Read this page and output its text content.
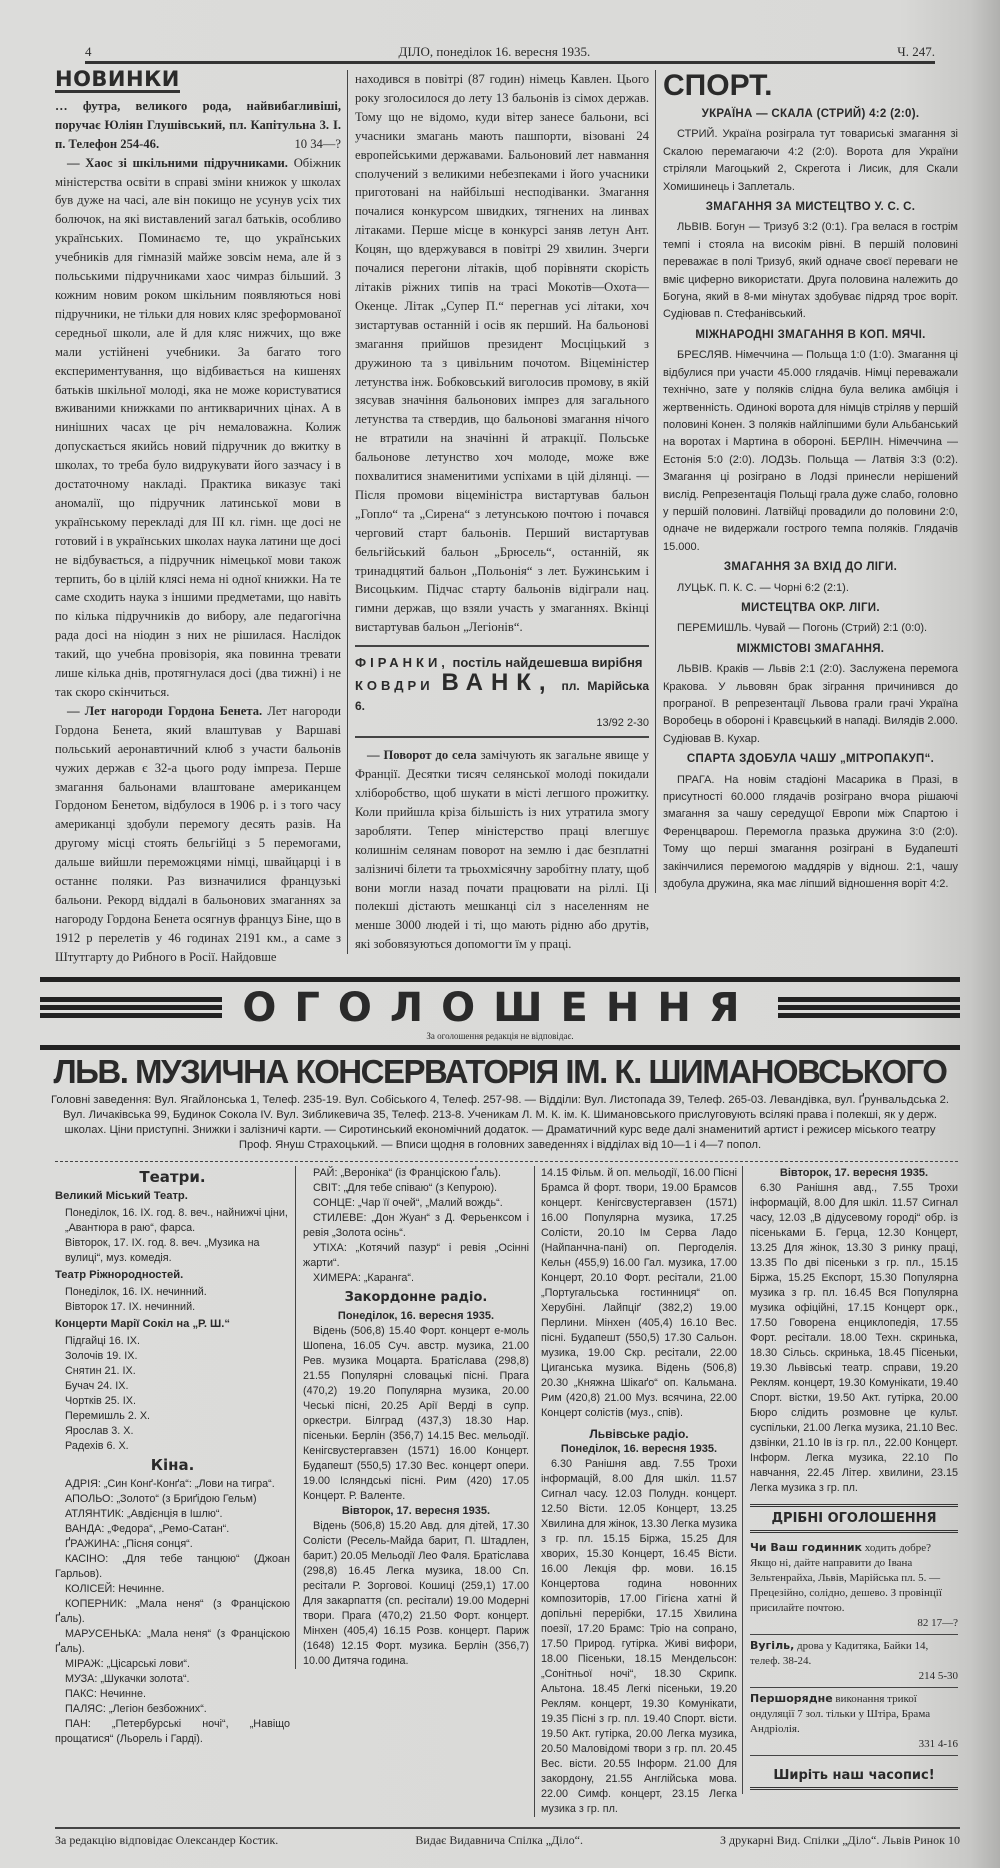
4	ДІЛО, понеділок 16. вересня 1935.	Ч. 247.
НОВИНКИ
… футра, великого рода, найвибагливіші, поручає Юліян Глушівський, пл. Капітульна 3. І. п. Телефон 254-46.	10 34—?

— Хаос зі шкільними підручниками. Обіжник міністерства освіти в справі зміни книжок у школах був дуже на часі, але він покищо не усунув усіх тих болючок, на які виставлений загал батьків, особливо українських. Поминаємо те, що українських учебників для гімназій майже зовсім нема, але й з польськими підручниками хаос чимраз більший. З кожним новим роком шкільним появляються нові підручники, не тільки для нових кляс зреформованої середньої школи, але й для кляс нижчих, що вже мали устійнені учебники. За багато того експериментування, що відбивається на кишенях батьків шкільної молоді, яка не може користуватися вживаними книжками по антикваричних цінах. А в нинішних часах це річ немаловажна. Колиж допускається якийсь новий підручник до вжитку в школах, то треба було видрукувати його зазчасу і в достаточному накладі. Практика виказує такі аномалії, що підручник латинської мови в українському перекладі для ІІІ кл. гімн. ще досі не готовий і в українських школах наука латини ще досі не відбувається, а підручник німецької мови також терпить, бо в цілій клясі нема ні одної книжки. На те саме сходить наука з іншими предметами, що навіть по кілька підручників до вибору, але педагогічна рада досі на ніодин з них не рішилася. Наслідок такий, що учебна провізорія, яка повинна тревати лише кілька днів, протягнулася досі (два тижні) і не так скоро скінчиться.

— Лет нагороди Гордона Бенета. Лет нагороди Гордона Бенета, який влаштував у Варшаві польський аеронавтичний клюб з участи бальонів чужих держав є 32-а цього роду імпреза. Перше змагання бальонами влаштоване американцем Гордоном Бенетом, відбулося в 1906 р. і з того часу американці здобули перемогу десять разів. На другому місці стоять бельгійці з 5 перемогами, дальше вийшли переможцями німці, швайцарці і в останнє поляки. Раз визначилися французькі бальони. Рекорд віддалі в бальонових змаганнях за нагороду Гордона Бенета осягнув француз Біне, що в 1912 р перелетів у 46 годинах 2191 км., а саме з Штутгарту до Рибного в Росії. Найдовше

находився в повітрі (87 годин) німець Кавлен. Цього року зголосилося до лету 13 бальонів із сімох держав. Тому що не відомо, куди вітер занесе бальони, всі учасники змагань мають пашпорти, візовані 24 европейськими державами. Бальоновий лет навмання сполучений з великими небезпеками і його учасники приготовані на найбільші несподіванки. Змагання почалися конкурсом швидких, тягнених на линвах літаками. Перше місце в конкурсі заняв летун Ант. Коцян, що вдержувався в повітрі 29 хвилин. Зчерги почалися перегони літаків, щоб порівняти скорість літаків ріжних типів на трасі Мокотів—Охота—Окенце. Літак „Супер П.“ перегнав усі літаки, хоч зистартував останній і осів як перший. На бальонові змагання прийшов президент Мосціцький з дружиною та з цивільним почотом. Віцеміністер летунства інж. Бобковський виголосив промову, в якій зясував значіння бальонових імпрез для загального летунства та ствердив, що бальонові змагання нічого не втратили на значінні й атракції. Польське бальонове летунство хоч молоде, може вже похвалитися знаменитими успіхами в цій ділянці. — Після промови віцеміністра вистартував бальон „Гопло“ та „Сирена“ з летунською почтою і почався черговий старт бальонів. Перший вистартував бельгійський бальон „Брюсель“, останній, як тринадцятий бальон „Польонія“ з лет. Бужинським і Висоцьким. Підчас старту бальонів відіграли нац. гимни держав, що взяли участь у змаганнях. Вкінці вистартував бальон „Легіонів“.

ФІРАНКИ, постіль найдешевша вирібня
КОВДРИ ВАНК, пл. Марійська 6.
13/92 2-30

— Поворот до села замічують як загальне явище у Франції. Десятки тисяч селянської молоді покидали хліборобство, щоб шукати в місті легшого прожитку. Коли прийшла кріза більшість із них утратила змогу заробляти. Тепер міністерство праці влегшує колишнім селянам поворот на землю і дає безплатні залізничі білети та трьохмісячну заробітну плату, щоб вони могли назад почати працювати на ріллі. Ці полекші дістають мешканці сіл з населенням не менше 3000 людей і ті, що мають рідню або друтів, які зобовязуються допомогти їм у праці.

СПОРТ.
УКРАЇНА — СКАЛА (СТРИЙ) 4:2 (2:0).

СТРИЙ. Україна розіграла тут товариські змагання зі Скалою перемагаючи 4:2 (2:0). Ворота для України стріляли Магоцький 2, Скрегота і Лисик, для Скали Хомишинець і Заплеталь.

ЗМАГАННЯ ЗА МИСТЕЦТВО У. С. С.

ЛЬВІВ. Богун — Тризуб 3:2 (0:1). Гра велася в гострім темпі і стояла на високім рівні. В першій половині переважає в полі Тризуб, який одначе своєї переваги не вміє циферно використати. Друга половина належить до Богуна, який в 8-ми мінутах здобуває підряд троє воріт. Судіював п. Стефанівський.

МІЖНАРОДНІ ЗМАГАННЯ В КОП. МЯЧІ.

БРЕСЛЯВ. Німеччина — Польща 1:0 (1:0). Змагання ці відбулися при участи 45.000 глядачів. Німці переважали технічно, зате у поляків слідна була велика амбіція і жертвенність. Одинокі ворота для німців стріляв у першій половині Конен. З поляків найліпшими були Альбанський на воротах і Мартина в обороні. БЕРЛІН. Німеччина — Естонія 5:0 (2:0). ЛОДЗЬ. Польща — Латвія 3:3 (0:2). Змагання ці розіграно в Лодзі принесли нерішений вислід. Репрезентація Польщі грала дуже слабо, головно у першій половині. Латвійці провадили до половини 2:0, одначе не видержали гострого темпа поляків. Глядачів 15.000.

ЗМАГАННЯ ЗА ВХІД ДО ЛІГИ.

ЛУЦЬК. П. К. С. — Чорні 6:2 (2:1).

МИСТЕЦТВА ОКР. ЛІГИ.

ПЕРЕМИШЛЬ. Чувай — Погонь (Стрий) 2:1 (0:0).

МІЖМІСТОВІ ЗМАГАННЯ.

ЛЬВІВ. Краків — Львів 2:1 (2:0). Заслужена перемога Кракова. У львовян брак зіграння причинився до програної. В репрезентації Львова грали грачі Україна Воробець в обороні і Кравєцький в нападі. Вилядів 2.000. Судіював В. Кухар.

СПАРТА ЗДОБУЛА ЧАШУ „МІТРОПАКУП“.

ПРАГА. На новім стадіоні Масарика в Празі, в присутності 60.000 глядачів розіграно вчора рішаючі змагання за чашу середущої Европи між Спартою і Ференцварош. Перемогла празька дружина 3:0 (2:0). Тому що перші змагання розіграні в Будапешті закінчилися перемогою маддярів у віднош. 2:1, чашу здобула дружина, яка має ліпший відношення воріт 4:2.

ОГОЛОШЕННЯ
За оголошення редакція не відповідає.
ЛЬВ. МУЗИЧНА КОНСЕРВАТОРІЯ ІМ. К. ШИМАНОВСЬКОГО
Головні заведення: Вул. Ягайлонська 1, Телеф. 235-19. Вул. Собіського 4, Телеф. 257-98. — Відділи: Вул. Листопада 39, Телеф. 265-03. Левандівка, вул. Ґрунвальдська 2. Вул. Личаківська 99, Будинок Сокола IV. Вул. Зибликевича 35, Телеф. 213-8. Ученикам Л. М. К. ім. К. Шимановського прислуговують всілякі права і полекші, як у держ. школах. Ціни приступні. Знижки і залізничі карти. — Сиротинський економічний додаток. — Драматичний курс веде далі знаменитий артист і режисер міського театру Проф. Януш Страхоцький. — Вписи щодня в головних заведеннях і відділах від 10—1 і 4—7 попол.
Театри.
Великий Міський Театр.
Понеділок, 16. IX. год. 8. веч., найнижчі ціни, „Авантюра в раю“, фарса.
Вівторок, 17. IX. год. 8. веч. „Музика на вулиці“, муз. комедія.
Театр Ріжнородностей.
Понеділок, 16. IX. нечинний.
Вівторок 17. IX. нечинний.
Концерти Марії Сокіл на „Р. Ш.“
Підгайці 16. IX.
Золочів 19. IX.
Снятин 21. IX.
Бучач 24. IX.
Чортків 25. IX.
Перемишль 2. X.
Ярослав 3. X.
Радехів 6. X.
Кіна.

АДРІЯ: „Син Конґ-Конґа“: „Лови на тигра“.

АПОЛЬО: „Золото“ (з Бриґідою Гельм)

АТЛЯНТИК: „Авдієнція в Ішлю“.

ВАНДА: „Федора“, „Ремо-Сатан“.

ҐРАЖИНА: „Пісня сонця“.

КАСІНО: „Для тебе танцюю“ (Джоан Гарльов).

КОЛІСЕЙ: Нечинне.

КОПЕРНИК: „Мала неня“ (з Франціскою Ґаль).

МАРУСЕНЬКА: „Мала неня“ (з Франціскою Ґаль).

МІРАЖ: „Цісарські лови“.

МУЗА: „Шукачки золота“.

ПАКС: Нечинне.

ПАЛЯС: „Легіон безбожних“.

ПАН: „Петербурські ночі“, „Навіщо прощатися“ (Льорель і Гарді).

РАЙ: „Вероніка“ (із Франціскою Ґаль).

СВІТ: „Для тебе співаю“ (з Кепурою).

СОНЦЕ: „Чар її очей“, „Малий вождь“.

СТИЛЕВЕ: „Дон Жуан“ з Д. Ферьенксом і ревія „Золота осінь“.

УТІХА: „Котячий пазур“ і ревія „Осінні жарти“.

ХИМЕРА: „Каранга“.

Закордонне радіо.
Понеділок, 16. вересня 1935.

Відень (506,8) 15.40 Форт. концерт е-моль Шопена, 16.05 Суч. австр. музика, 21.00 Рев. музика Моцарта. Братіслава (298,8) 21.55 Популярні словацькі пісні. Прага (470,2) 19.20 Популярна музика, 20.00 Чеські пісні, 20.25 Арії Верді в супр. оркестри. Білград (437,3) 18.30 Нар. пісеньки. Берлін (356,7) 14.15 Вес. мельодії. Кенігсвустергавзен (1571) 16.00 Концерт. Будапешт (550,5) 17.30 Вес. концерт опери. 19.00 Ісляндські пісні. Рим (420) 17.05 Концерт. Р. Валенте.

Вівторок, 17. вересня 1935.

Відень (506,8) 15.20 Авд. для дітей, 17.30 Солісти (Ресель-Майда барит, П. Штадлен, барит.) 20.05 Мельодії Лео Фаля. Братіслава (298,8) 16.45 Легка музика, 18.00 Сп. ресітали Р. Зорговоі. Кошиці (259,1) 17.00 Для закарпаття (сп. ресітали) 19.00 Модерні твори. Прага (470,2) 21.50 Форт. концерт. Мінхен (405,4) 16.15 Розв. концерт. Париж (1648) 12.15 Форт. музика. Берлін (356,7) 10.00 Дитяча година.

14.15 Фільм. й оп. мельодії, 16.00 Пісні Брамса й форт. твори, 19.00 Брамсов концерт. Кенігсвустергавзен (1571) 16.00 Популярна музика, 17.25 Солісти, 20.10 Ім Серва Ладо (Найпанчна-пані) оп. Пергоделія. Кельн (455,9) 16.00 Гал. музика, 17.00 Концерт, 20.10 Форт. ресітали, 21.00 „Португальська гостинниця“ оп. Херубіні. Лайпціґ (382,2) 19.00 Перлини. Мінхен (405,4) 16.10 Вес. пісні. Будапешт (550,5) 17.30 Сальон. музика, 19.00 Скр. ресітали, 22.00 Циганська музика. Відень (506,8) 20.30 „Княжна Шікаґо“ оп. Кальмана. Рим (420,8) 21.00 Муз. всячина, 22.00 Концерт солістів (муз., спів).

Львівське радіо.
Понеділок, 16. вересня 1935.

6.30 Ранішня авд. 7.55 Трохи інформацій, 8.00 Для шкіл. 11.57 Сигнал часу. 12.03 Полудн. концерт. 12.50 Вісти. 12.05 Концерт, 13.25 Хвилина для жінок, 13.30 Легка музика з гр. пл. 15.15 Біржа, 15.25 Для хворих, 15.30 Концерт, 16.45 Вісти. 16.00 Лекція фр. мови. 16.15 Концертова година новонних композиторів, 17.00 Гігієна хатні й допільні перерібки, 17.15 Хвилина поезії, 17.20 Брамс: Тріо на сопрано, 17.50 Природ. гутірка. Живі вифори, 18.00 Пісеньки, 18.15 Мендельсон: „Сонітньої ночі“, 18.30 Скрипк. Альтона. 18.45 Легкі пісеньки, 19.20 Реклям. концерт, 19.30 Комунікати, 19.35 Пісні з гр. пл. 19.40 Спорт. вісти. 19.50 Акт. гутірка, 20.00 Легка музика, 20.50 Маловідомі твори з гр. пл. 20.45 Вес. вісти. 20.55 Інформ. 21.00 Для закордону, 21.55 Англійська мова. 22.00 Симф. концерт, 23.15 Легка музика з гр. пл.

Вівторок, 17. вересня 1935.

6.30 Ранішня авд., 7.55 Трохи інформацій, 8.00 Для шкіл. 11.57 Сигнал часу, 12.03 „В дідусевому городі“ обр. із пісеньками Б. Герца, 12.30 Концерт, 13.25 Для жінок, 13.30 З ринку праці, 13.35 По дві пісеньки з гр. пл., 15.15 Біржа, 15.25 Експорт, 15.30 Популярна музика з гр. пл. 16.45 Вся Популярна музика офіційні, 17.15 Концерт орк., 17.50 Говорена енциклопедія, 17.55 Форт. ресітали. 18.00 Техн. скринька, 18.30 Сільсь. скринька, 18.45 Пісеньки, 19.30 Львівські театр. справи, 19.20 Реклям. концерт, 19.30 Комунікати, 19.40 Спорт. вістки, 19.50 Акт. гутірка, 20.00 Бюро слідить розмовне це культ. суспільки, 21.00 Легка музика, 21.10 Вес. дзвінки, 21.10 Ів із гр. пл., 22.00 Концерт. Інформ. Легка музика, 22.10 По навчання, 22.45 Літер. хвилини, 23.15 Легка музика з гр. пл.

ДРІБНІ ОГОЛОШЕННЯ
Чи Ваш годинник ходить добре? Якщо ні, дайте направити до Івана Зельтенрайха, Львів, Марійська пл. 5. — Прецезійно, солідно, дешево. З провінції присилайте почтою.
82 17—?
Вугіль, дрова у Кадитяка, Байки 14, телеф. 38-24.
214 5-30
Першорядне виконання трикої ондуляції 7 зол. тільки у Штіра, Брама Андріолія.
331 4-16
Ширіть наш часопис!
За редакцію відповідає Олександер Костик.	Видає Видавнича Спілка „Діло“.	З друкарні Вид. Спілки „Діло“. Львів Ринок 10
